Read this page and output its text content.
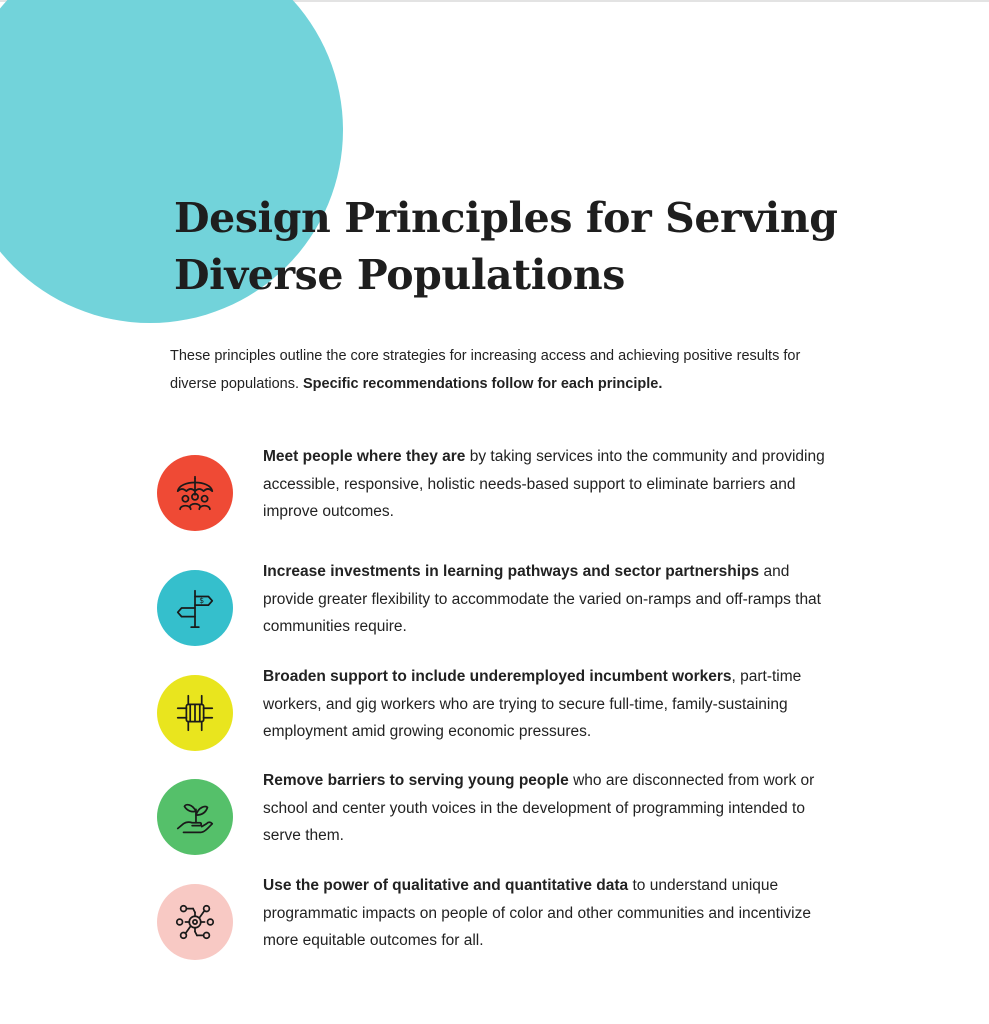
Design Principles for Serving Diverse Populations

These principles outline the core strategies for increasing access and achieving positive results for diverse populations. Specific recommendations follow for each principle.

Meet people where they are by taking services into the community and providing accessible, responsive, holistic needs-based support to eliminate barriers and improve outcomes.

$

Increase investments in learning pathways and sector partnerships and provide greater flexibility to accommodate the varied on-ramps and off-ramps that communities require.

Broaden support to include underemployed incumbent workers, part-time workers, and gig workers who are trying to secure full-time, family-sustaining employment amid growing economic pressures.

Remove barriers to serving young people who are disconnected from work or school and center youth voices in the development of programming intended to serve them.

Use the power of qualitative and quantitative data to understand unique programmatic impacts on people of color and other communities and incentivize more equitable outcomes for all.
